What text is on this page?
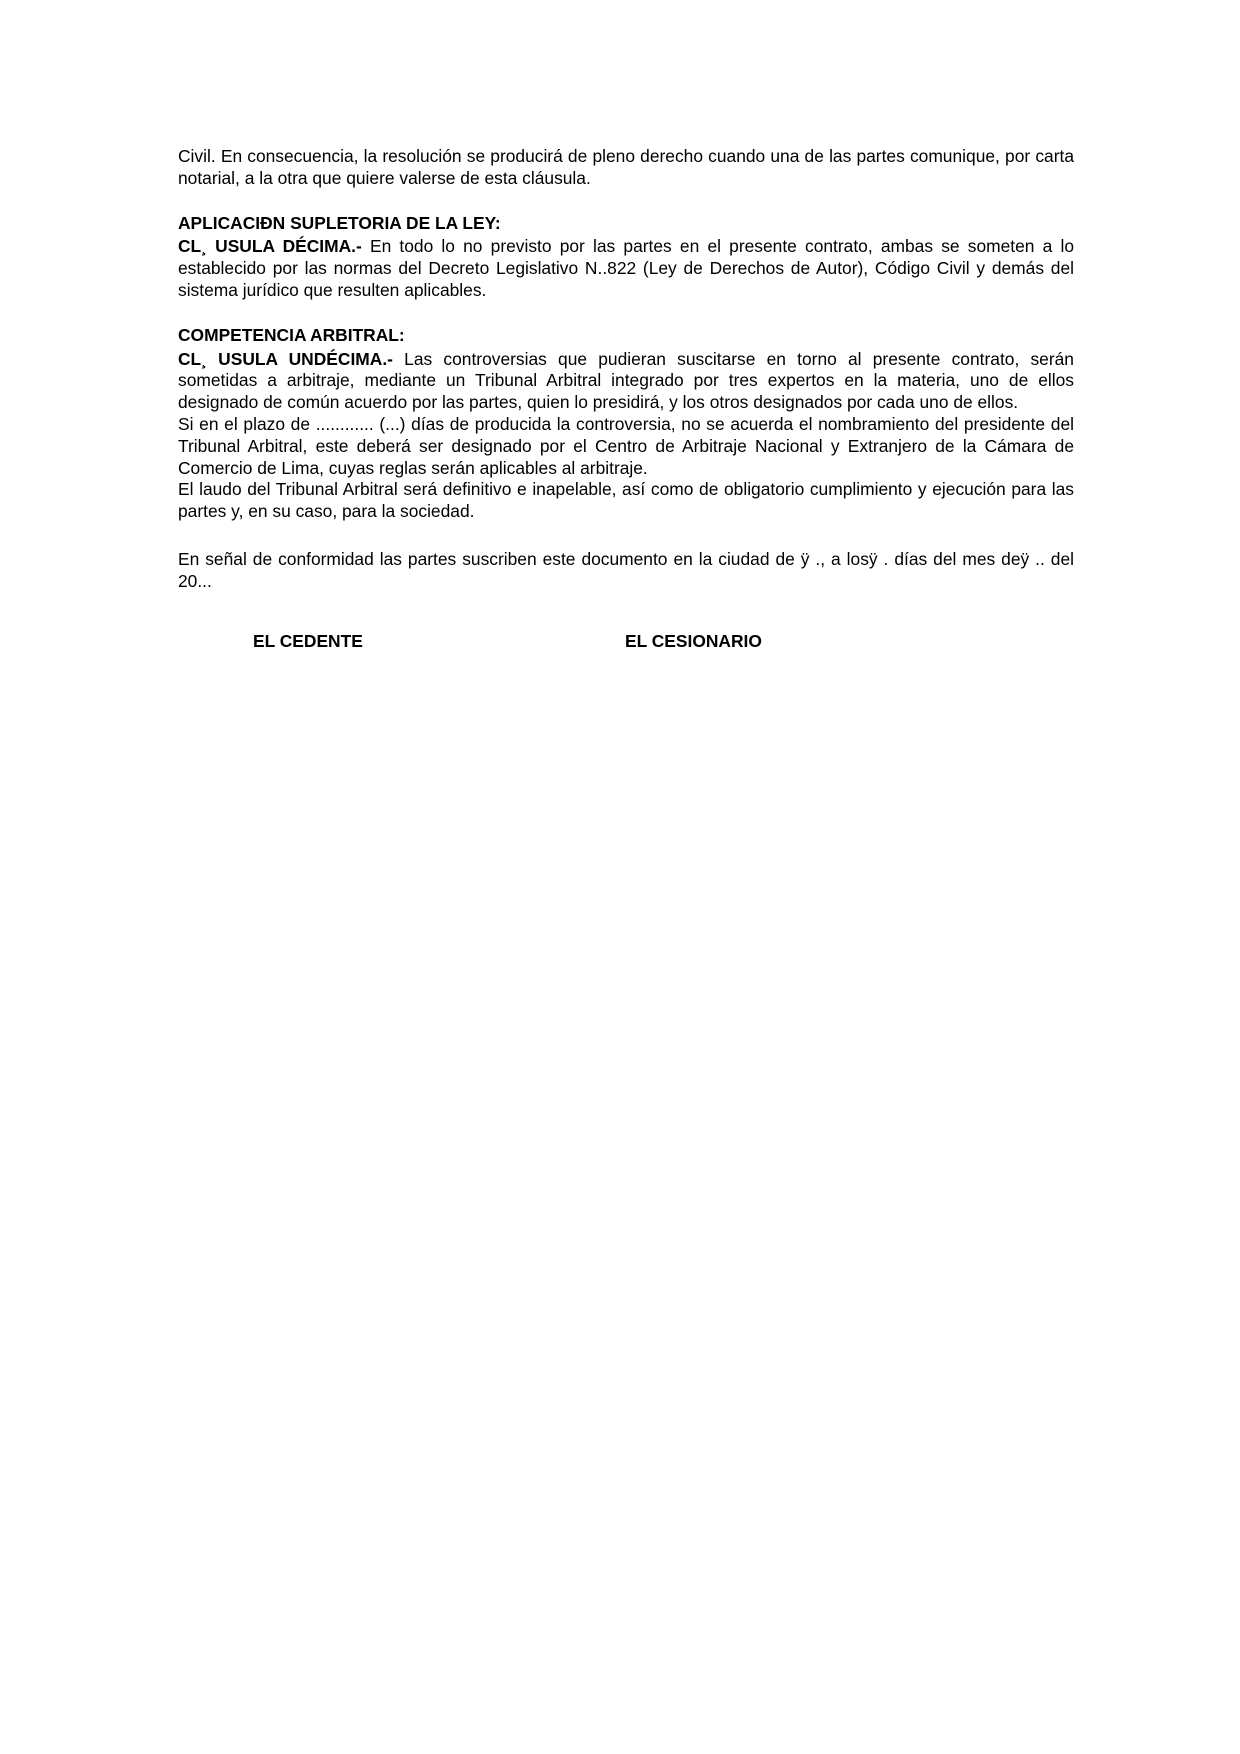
Civil. En consecuencia, la resolución se producirá de pleno derecho cuando una de las partes comunique, por carta notarial, a la otra que quiere valerse de esta cláusula.

APLICACIÐN SUPLETORIA DE LA LEY:

CL¸ USULA DÉCIMA.- En todo lo no previsto por las partes en el presente contrato, ambas se someten a lo establecido por las normas del Decreto Legislativo N..822 (Ley de Derechos de Autor), Código Civil y demás del sistema jurídico que resulten aplicables.

COMPETENCIA ARBITRAL:

CL¸ USULA UNDÉCIMA.- Las controversias que pudieran suscitarse en torno al presente contrato, serán sometidas a arbitraje, mediante un Tribunal Arbitral integrado por tres expertos en la materia, uno de ellos designado de común acuerdo por las partes, quien lo presidirá, y los otros designados por cada uno de ellos.

Si en el plazo de ............ (...) días de producida la controversia, no se acuerda el nombramiento del presidente del Tribunal Arbitral, este deberá ser designado por el Centro de Arbitraje Nacional y Extranjero de la Cámara de Comercio de Lima, cuyas reglas serán aplicables al arbitraje.

El laudo del Tribunal Arbitral será definitivo e inapelable, así como de obligatorio cumplimiento y ejecución para las partes y, en su caso, para la sociedad.

En señal de conformidad las partes suscriben este documento en la ciudad de ÿ ., a losÿ . días del mes deÿ .. del 20...

EL CEDENTE	EL CESIONARIO
